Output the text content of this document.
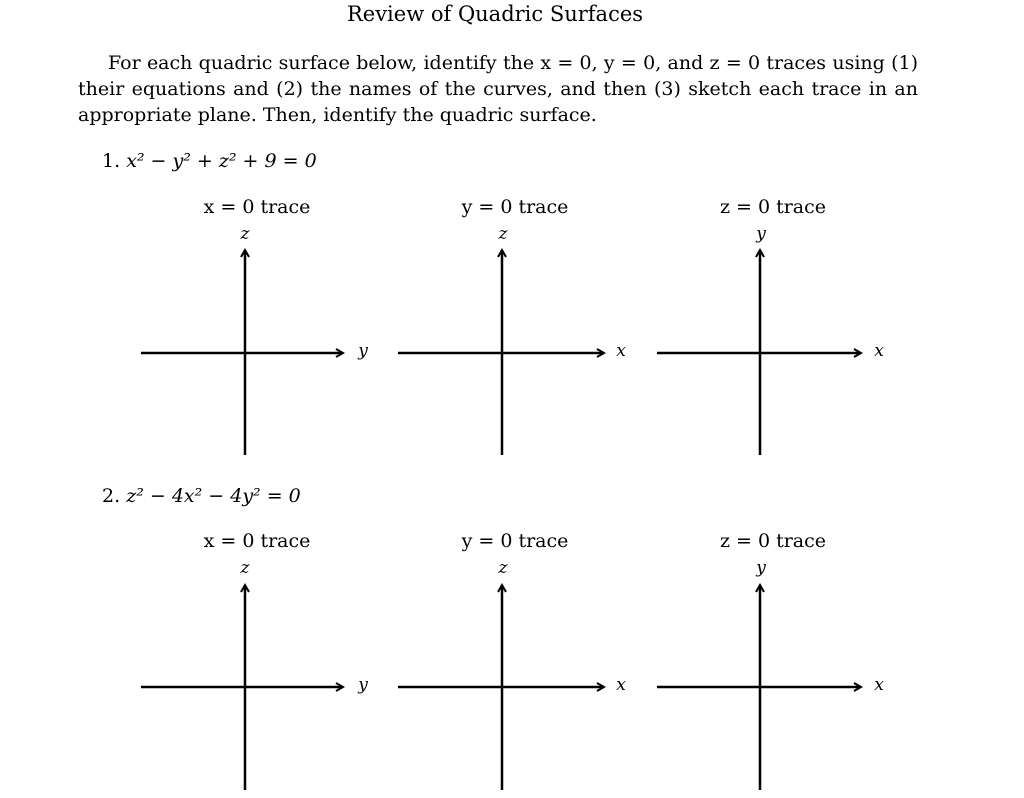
Review of Quadric Surfaces
For each quadric surface below, identify the x = 0, y = 0, and z = 0 traces using (1) their equations and (2) the names of the curves, and then (3) sketch each trace in an appropriate plane. Then, identify the quadric surface.
1. x² − y² + z² + 9 = 0
x = 0 trace	y = 0 trace	z = 0 trace
z	z	y
y	x	x
2. z² − 4x² − 4y² = 0
x = 0 trace	y = 0 trace	z = 0 trace
z	z	y
y	x	x
